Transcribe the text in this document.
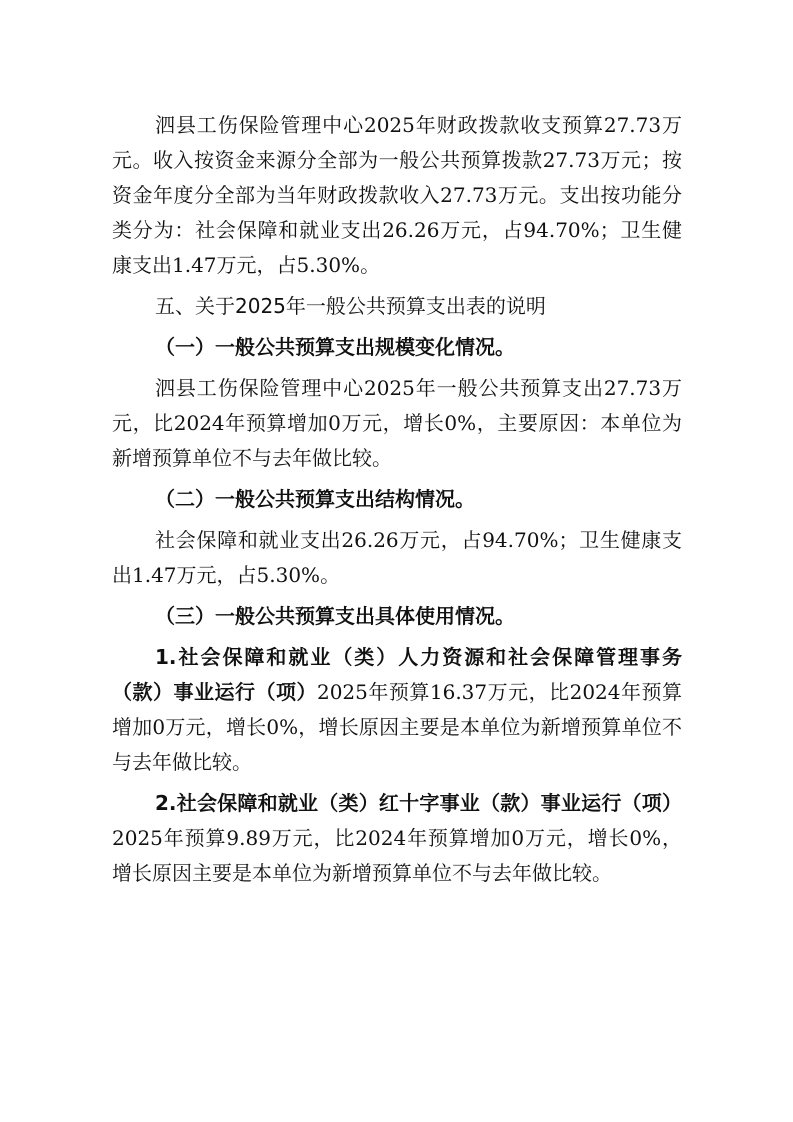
泗县工伤保险管理中心2025年财政拨款收支预算27.73万元。收入按资金来源分全部为一般公共预算拨款27.73万元；按资金年度分全部为当年财政拨款收入27.73万元。支出按功能分类分为：社会保障和就业支出26.26万元，占94.70%；卫生健康支出1.47万元，占5.30%。

五、关于2025年一般公共预算支出表的说明

（一）一般公共预算支出规模变化情况。

泗县工伤保险管理中心2025年一般公共预算支出27.73万元，比2024年预算增加0万元，增长0%，主要原因：本单位为新增预算单位不与去年做比较。

（二）一般公共预算支出结构情况。

社会保障和就业支出26.26万元，占94.70%；卫生健康支出1.47万元，占5.30%。

（三）一般公共预算支出具体使用情况。

1.社会保障和就业（类）人力资源和社会保障管理事务（款）事业运行（项）2025年预算16.37万元，比2024年预算增加0万元，增长0%，增长原因主要是本单位为新增预算单位不与去年做比较。

2.社会保障和就业（类）红十字事业（款）事业运行（项）2025年预算9.89万元，比2024年预算增加0万元，增长0%，增长原因主要是本单位为新增预算单位不与去年做比较。
